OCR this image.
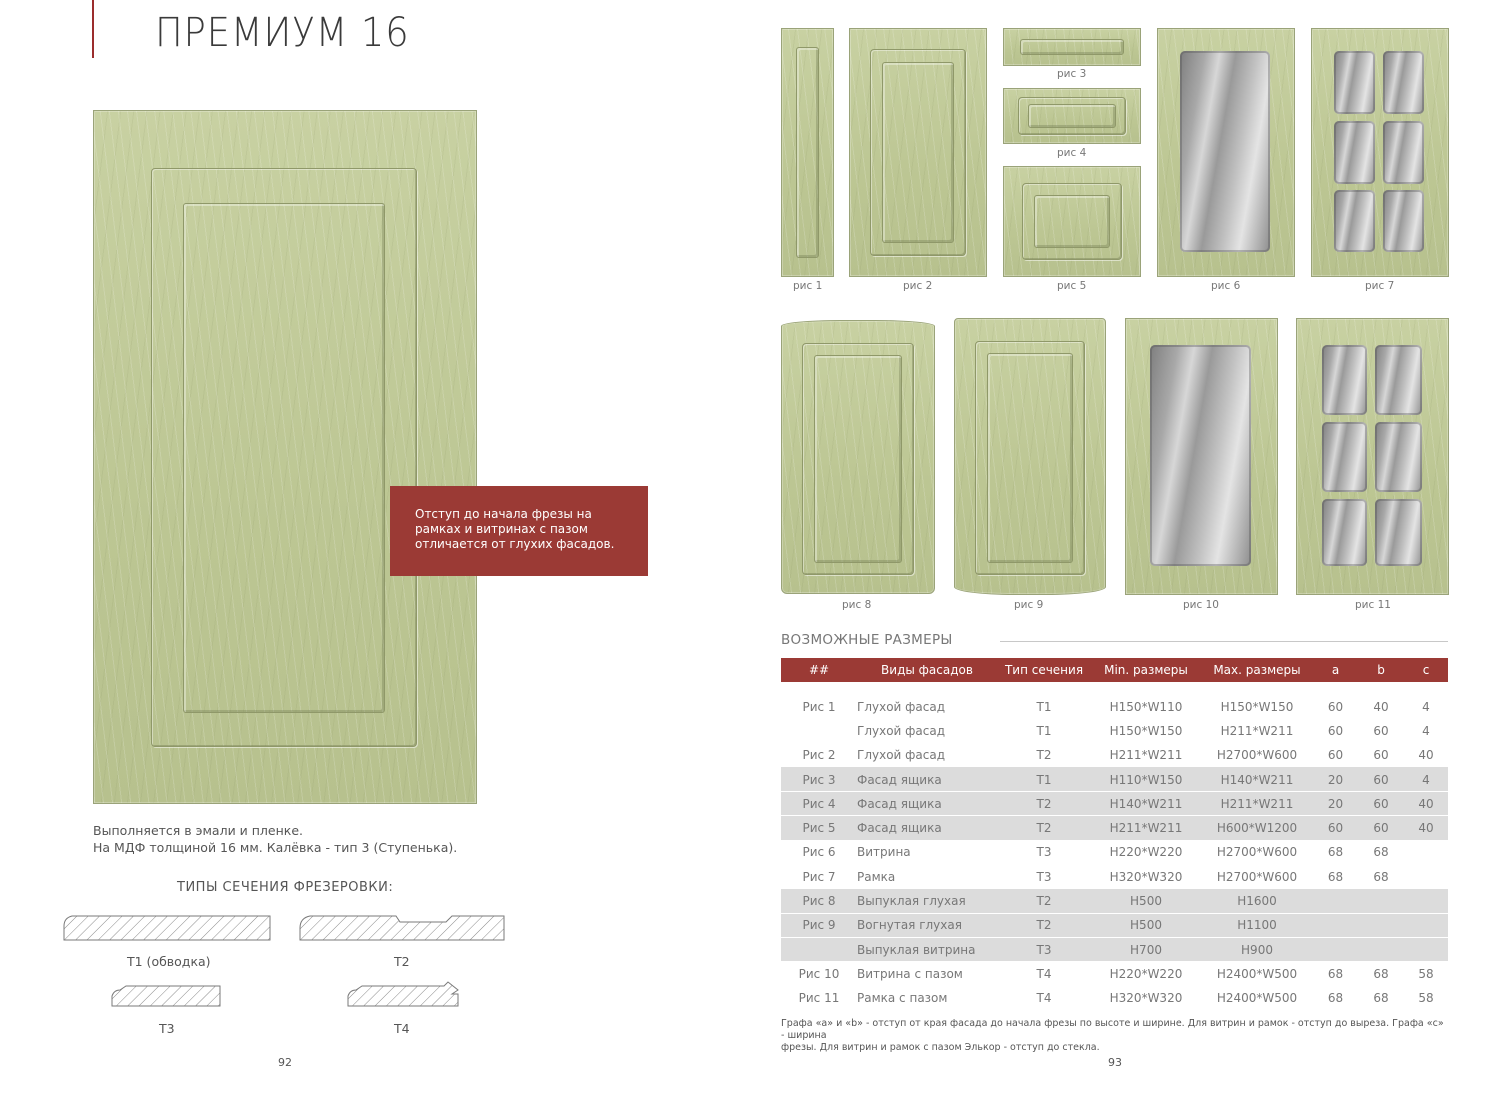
ПРЕМИУМ 16
Отступ до начала фрезы на
рамках и витринах с пазом
отличается от глухих фасадов.
Выполняется в эмали и пленке.
На МДФ толщиной 16 мм. Калёвка - тип 3 (Ступенька).
ТИПЫ СЕЧЕНИЯ ФРЕЗЕРОВКИ:
Т1 (обводка)	Т2
Т3	Т4
92
рис 1	рис 2
рис 3
рис 4
рис 5	рис 6	рис 7
рис 8	рис 9	рис 10	рис 11
ВОЗМОЖНЫЕ РАЗМЕРЫ
##	Виды фасадов	Тип сечения	Min. размеры	Max. размеры	a	b	c

Рис 1	Глухой фасад	Т1	H150*W110	H150*W150	60	40	4
	Глухой фасад	Т1	H150*W150	H211*W211	60	60	4
Рис 2	Глухой фасад	Т2	H211*W211	H2700*W600	60	60	40
Рис 3	Фасад ящика	Т1	H110*W150	H140*W211	20	60	4
Рис 4	Фасад ящика	Т2	H140*W211	H211*W211	20	60	40
Рис 5	Фасад ящика	Т2	H211*W211	H600*W1200	60	60	40
Рис 6	Витрина	Т3	H220*W220	H2700*W600	68	68	
Рис 7	Рамка	Т3	H320*W320	H2700*W600	68	68	
Рис 8	Выпуклая глухая	Т2	H500	H1600			
Рис 9	Вогнутая глухая	Т2	H500	H1100			
	Выпуклая витрина	Т3	H700	H900			
Рис 10	Витрина с пазом	Т4	H220*W220	H2400*W500	68	68	58
Рис 11	Рамка с пазом	Т4	H320*W320	H2400*W500	68	68	58
Графа «a» и «b» - отступ от края фасада до начала фрезы по высоте и ширине. Для витрин и рамок - отступ до выреза. Графа «с» - ширина
фрезы. Для витрин и рамок с пазом Элькор - отступ до стекла.
93
